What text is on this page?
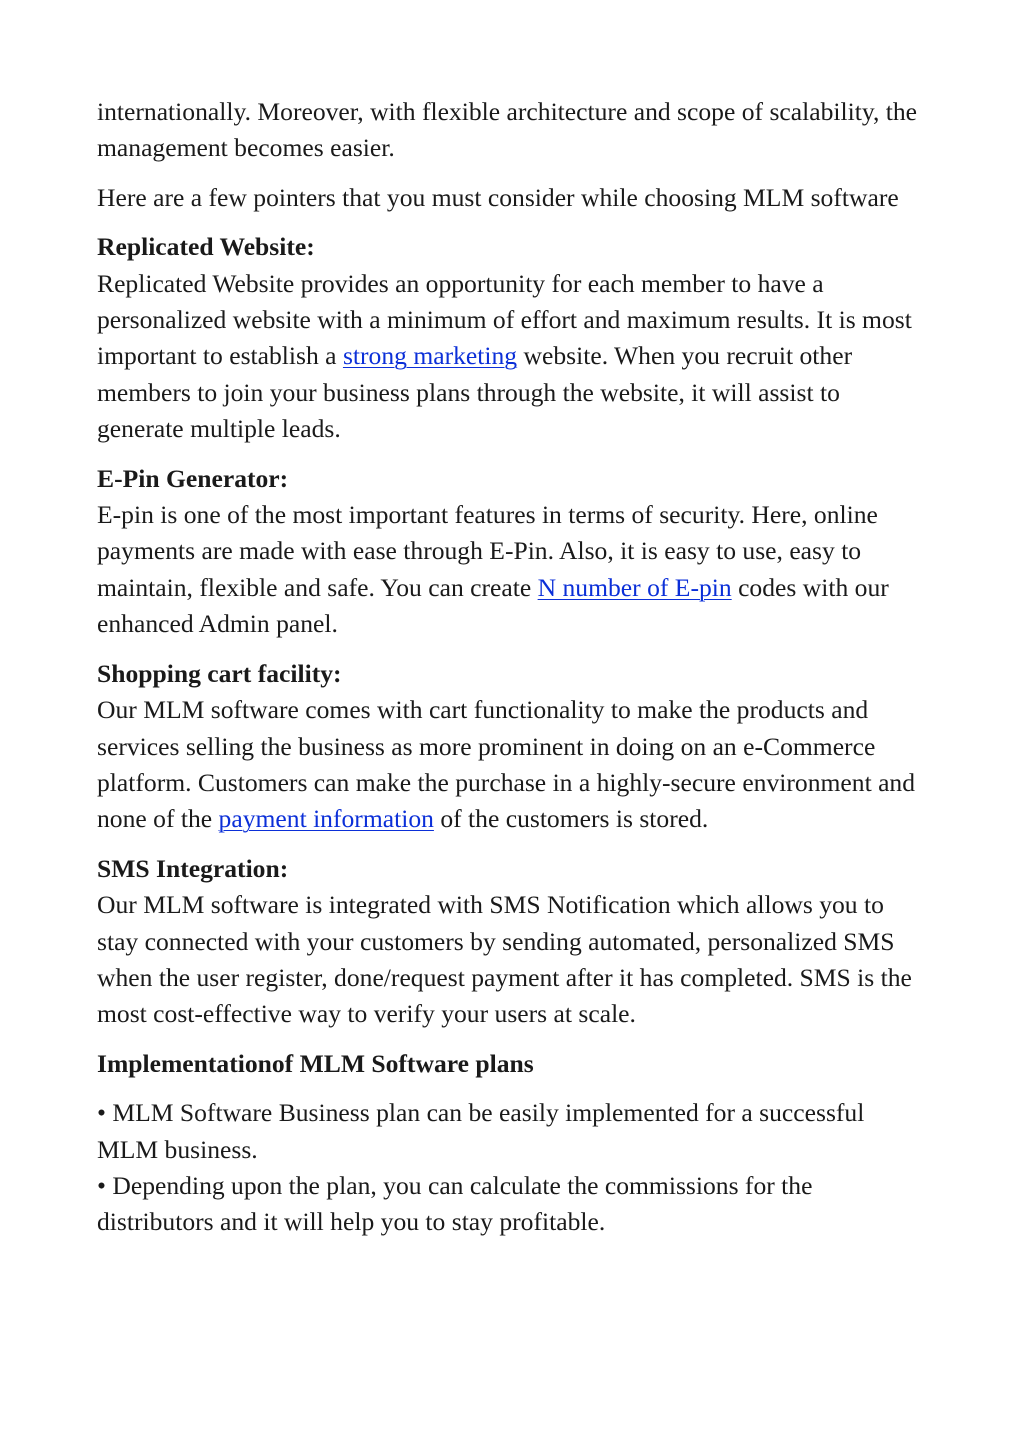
internationally. Moreover, with flexible architecture and scope of scalability, the management becomes easier.

Here are a few pointers that you must consider while choosing MLM software

Replicated Website:

Replicated Website provides an opportunity for each member to have a personalized website with a minimum of effort and maximum results. It is most important to establish a strong marketing website. When you recruit other members to join your business plans through the website, it will assist to generate multiple leads.

E-Pin Generator:

E-pin is one of the most important features in terms of security. Here, online payments are made with ease through E-Pin. Also, it is easy to use, easy to maintain, flexible and safe. You can create N number of E-pin codes with our enhanced Admin panel.

Shopping cart facility:

Our MLM software comes with cart functionality to make the products and services selling the business as more prominent in doing on an e-Commerce platform. Customers can make the purchase in a highly-secure environment and none of the payment information of the customers is stored.

SMS Integration:

Our MLM software is integrated with SMS Notification which allows you to stay connected with your customers by sending automated, personalized SMS when the user register, done/request payment after it has completed. SMS is the most cost-effective way to verify your users at scale.

Implementationof MLM Software plans

• MLM Software Business plan can be easily implemented for a successful MLM business.

• Depending upon the plan, you can calculate the commissions for the distributors and it will help you to stay profitable.
